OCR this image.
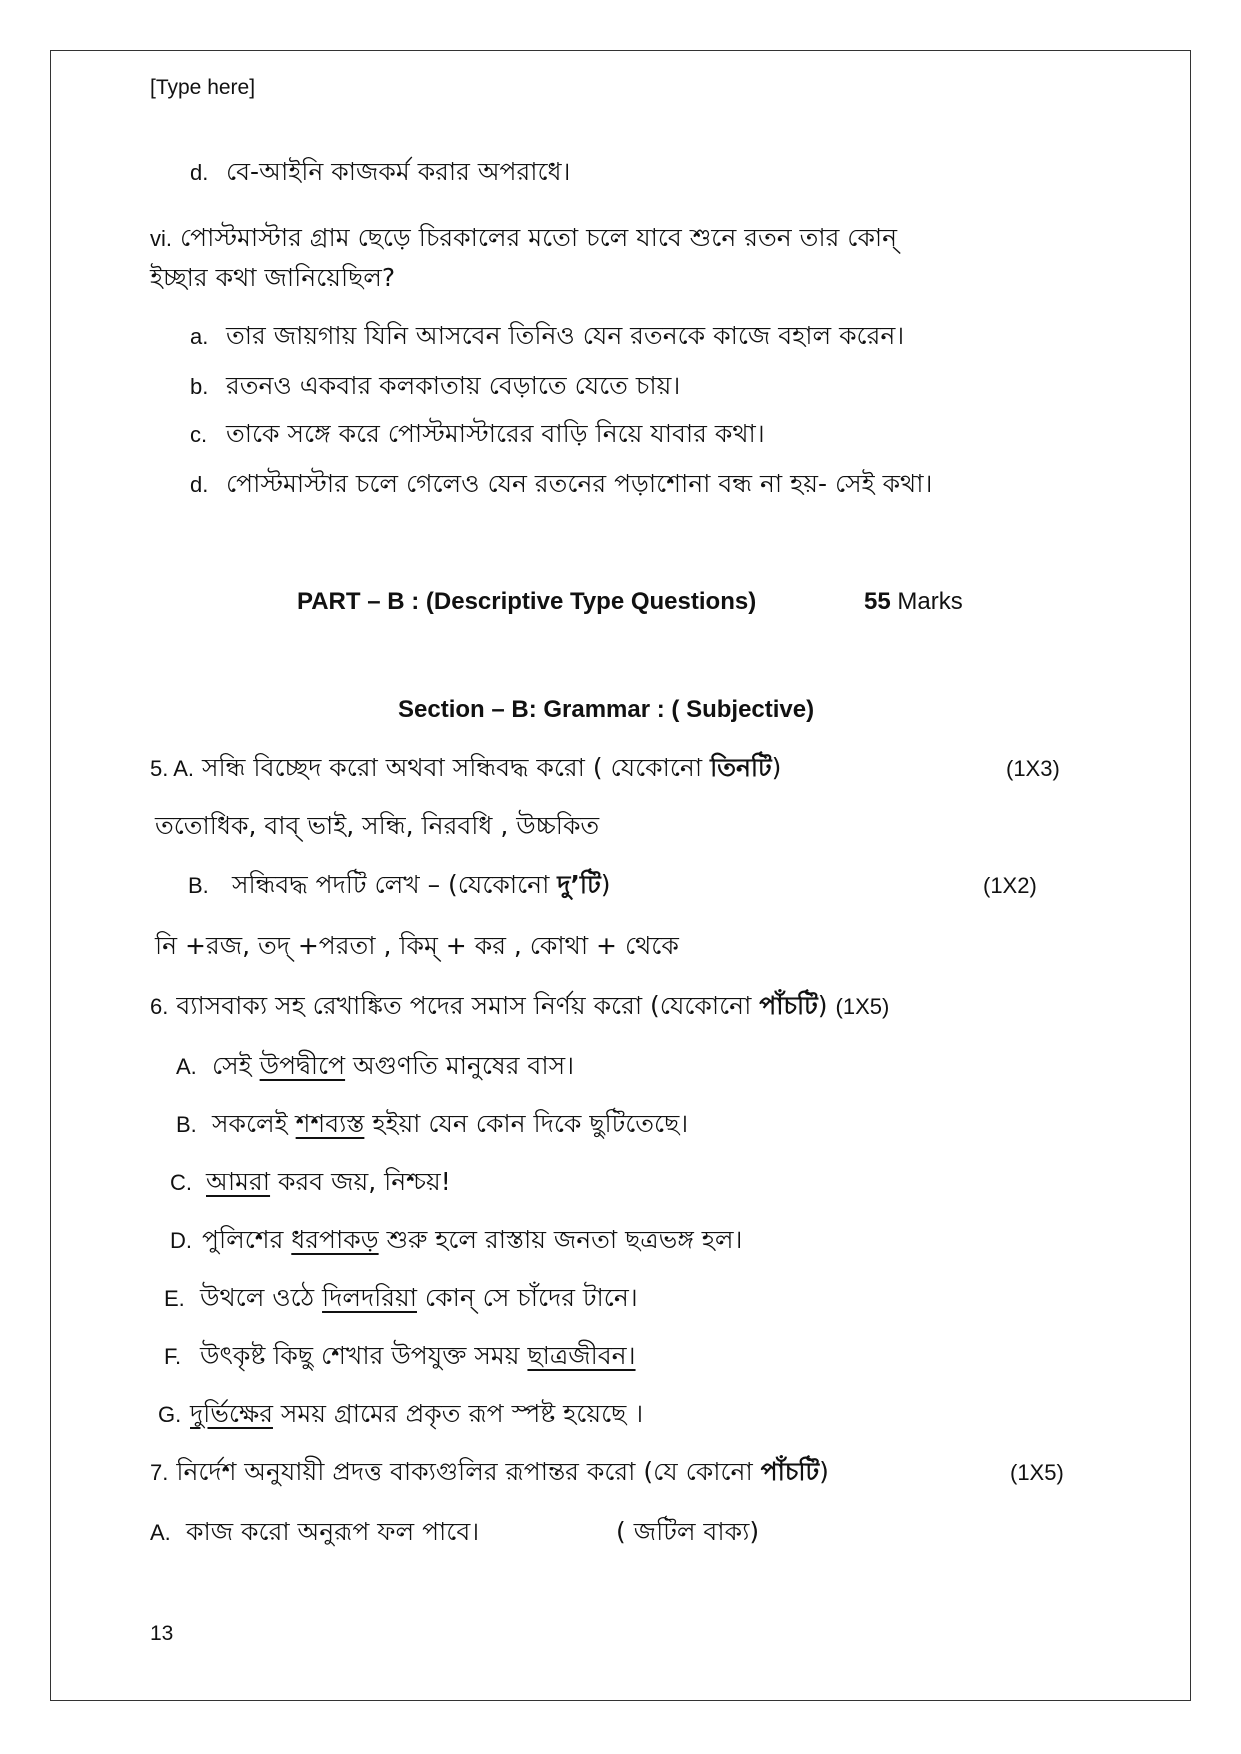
[Type here]
d. বে-আইনি কাজকর্ম করার অপরাধে।
vi. পোস্টমাস্টার গ্রাম ছেড়ে চিরকালের মতো চলে যাবে শুনে রতন তার কোন্
ইচ্ছার কথা জানিয়েছিল?
a. তার জায়গায় যিনি আসবেন তিনিও যেন রতনকে কাজে বহাল করেন।
b. রতনও একবার কলকাতায় বেড়াতে যেতে চায়।
c. তাকে সঙ্গে করে পোস্টমাস্টারের বাড়ি নিয়ে যাবার কথা।
d. পোস্টমাস্টার চলে গেলেও যেন রতনের পড়াশোনা বন্ধ না হয়- সেই কথা।
PART – B : (Descriptive Type Questions)	55 Marks
Section – B: Grammar : ( Subjective)
5. A. সন্ধি বিচ্ছেদ করো অথবা সন্ধিবদ্ধ করো ( যেকোনো তিনটি)	(1X3)
ততোধিক, বাব্ ভাই, সন্ধি, নিরবধি , উচ্চকিত
B. সন্ধিবদ্ধ পদটি লেখ – (যেকোনো দু’টি)	(1X2)
নি +রজ, তদ্ +পরতা , কিম্ + কর , কোথা + থেকে
6. ব্যাসবাক্য সহ রেখাঙ্কিত পদের সমাস নির্ণয় করো (যেকোনো পাঁচটি) (1X5)
A. সেই উপদ্বীপে অগুণতি মানুষের বাস।
B. সকলেই শশব্যস্ত হইয়া যেন কোন দিকে ছুটিতেছে।
C. আমরা করব জয়, নিশ্চয়!
D. পুলিশের ধরপাকড় শুরু হলে রাস্তায় জনতা ছত্রভঙ্গ হল।
E. উথলে ওঠে দিলদরিয়া কোন্ সে চাঁদের টানে।
F. উৎকৃষ্ট কিছু শেখার উপযুক্ত সময় ছাত্রজীবন।
G. দুর্ভিক্ষের সময় গ্রামের প্রকৃত রূপ স্পষ্ট হয়েছে ।
7. নির্দেশ অনুযায়ী প্রদত্ত বাক্যগুলির রূপান্তর করো (যে কোনো পাঁচটি)	(1X5)
A. কাজ করো অনুরূপ ফল পাবে।	( জটিল বাক্য)
13
